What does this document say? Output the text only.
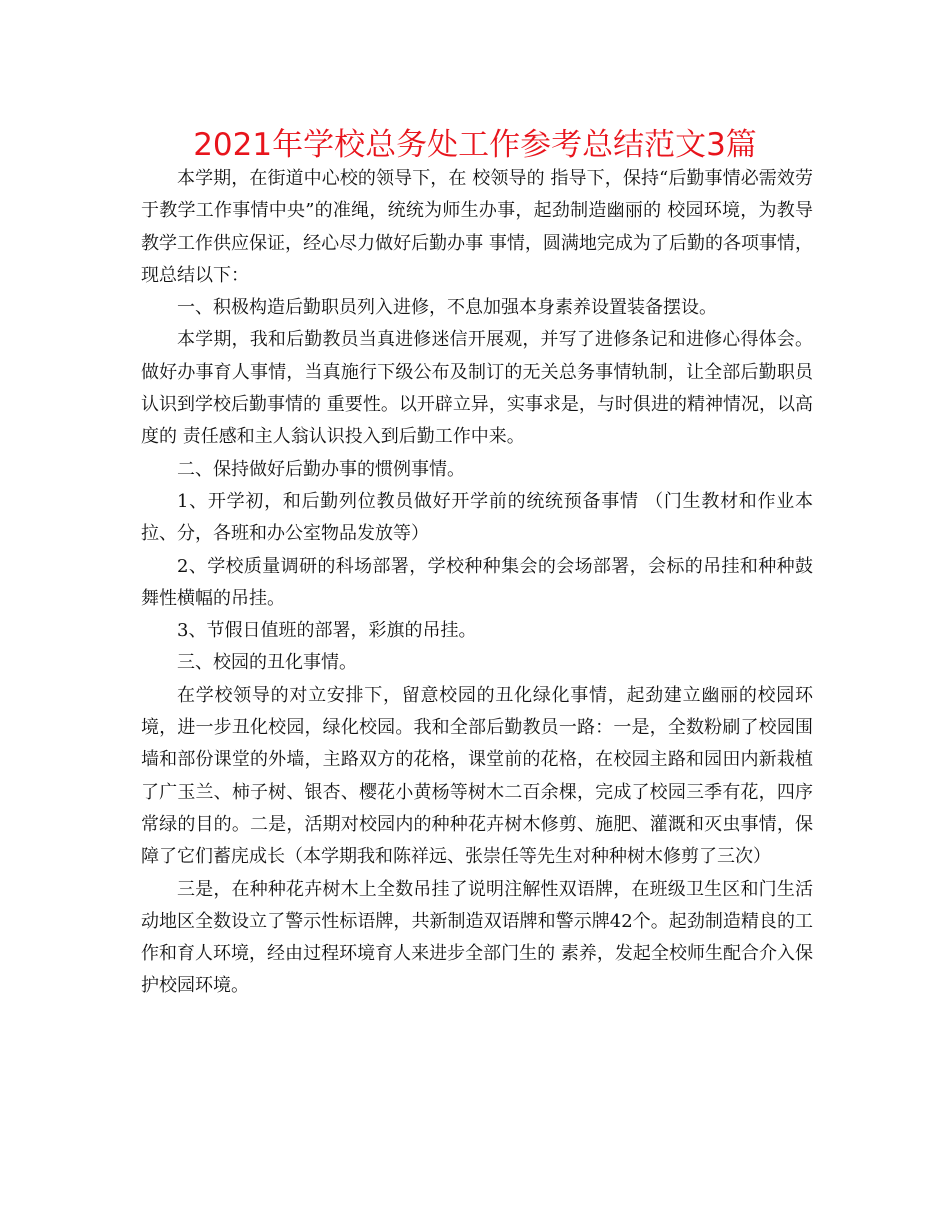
2021年学校总务处工作参考总结范文3篇

本学期，在街道中心校的领导下，在 校领导的 指导下，保持“后勤事情必需效劳于教学工作事情中央”的准绳，统统为师生办事，起劲制造幽丽的 校园环境，为教导教学工作供应保证，经心尽力做好后勤办事 事情，圆满地完成为了后勤的各项事情，现总结以下：

一、积极构造后勤职员列入进修，不息加强本身素养设置装备摆设。

本学期，我和后勤教员当真进修迷信开展观，并写了进修条记和进修心得体会。做好办事育人事情，当真施行下级公布及制订的无关总务事情轨制，让全部后勤职员认识到学校后勤事情的 重要性。以开辟立异，实事求是，与时俱进的精神情况，以高度的 责任感和主人翁认识投入到后勤工作中来。

二、保持做好后勤办事的惯例事情。

1、开学初，和后勤列位教员做好开学前的统统预备事情 （门生教材和作业本拉、分，各班和办公室物品发放等）

2、学校质量调研的科场部署，学校种种集会的会场部署，会标的吊挂和种种鼓舞性横幅的吊挂。

3、节假日值班的部署，彩旗的吊挂。

三、校园的丑化事情。

在学校领导的对立安排下，留意校园的丑化绿化事情，起劲建立幽丽的校园环境，进一步丑化校园，绿化校园。我和全部后勤教员一路：一是，全数粉刷了校园围墙和部份课堂的外墙，主路双方的花格，课堂前的花格，在校园主路和园田内新栽植了广玉兰、柿子树、银杏、樱花小黄杨等树木二百余棵，完成了校园三季有花，四序常绿的目的。二是，活期对校园内的种种花卉树木修剪、施肥、灌溉和灭虫事情，保障了它们蓄庑成长（本学期我和陈祥远、张崇任等先生对种种树木修剪了三次）

三是，在种种花卉树木上全数吊挂了说明注解性双语牌，在班级卫生区和门生活动地区全数设立了警示性标语牌，共新制造双语牌和警示牌42个。起劲制造精良的工作和育人环境，经由过程环境育人来进步全部门生的 素养，发起全校师生配合介入保护校园环境。
